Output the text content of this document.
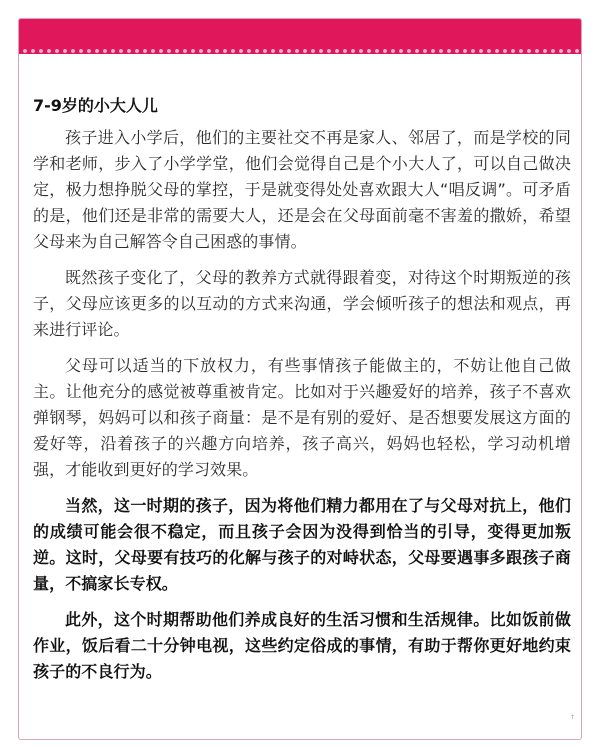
7-9岁的小大人儿

孩子进入小学后，他们的主要社交不再是家人、邻居了，而是学校的同学和老师，步入了小学学堂，他们会觉得自己是个小大人了，可以自己做决定，极力想挣脱父母的掌控，于是就变得处处喜欢跟大人“唱反调”。可矛盾的是，他们还是非常的需要大人，还是会在父母面前毫不害羞的撒娇，希望父母来为自己解答令自己困惑的事情。

既然孩子变化了，父母的教养方式就得跟着变，对待这个时期叛逆的孩子，父母应该更多的以互动的方式来沟通，学会倾听孩子的想法和观点，再来进行评论。

父母可以适当的下放权力，有些事情孩子能做主的，不妨让他自己做主。让他充分的感觉被尊重被肯定。比如对于兴趣爱好的培养，孩子不喜欢弹钢琴，妈妈可以和孩子商量：是不是有别的爱好、是否想要发展这方面的爱好等，沿着孩子的兴趣方向培养，孩子高兴，妈妈也轻松，学习动机增强，才能收到更好的学习效果。

当然，这一时期的孩子，因为将他们精力都用在了与父母对抗上，他们的成绩可能会很不稳定，而且孩子会因为没得到恰当的引导，变得更加叛逆。这时，父母要有技巧的化解与孩子的对峙状态，父母要遇事多跟孩子商量，不搞家长专权。

此外，这个时期帮助他们养成良好的生活习惯和生活规律。比如饭前做作业，饭后看二十分钟电视，这些约定俗成的事情，有助于帮你更好地约束孩子的不良行为。

↑
